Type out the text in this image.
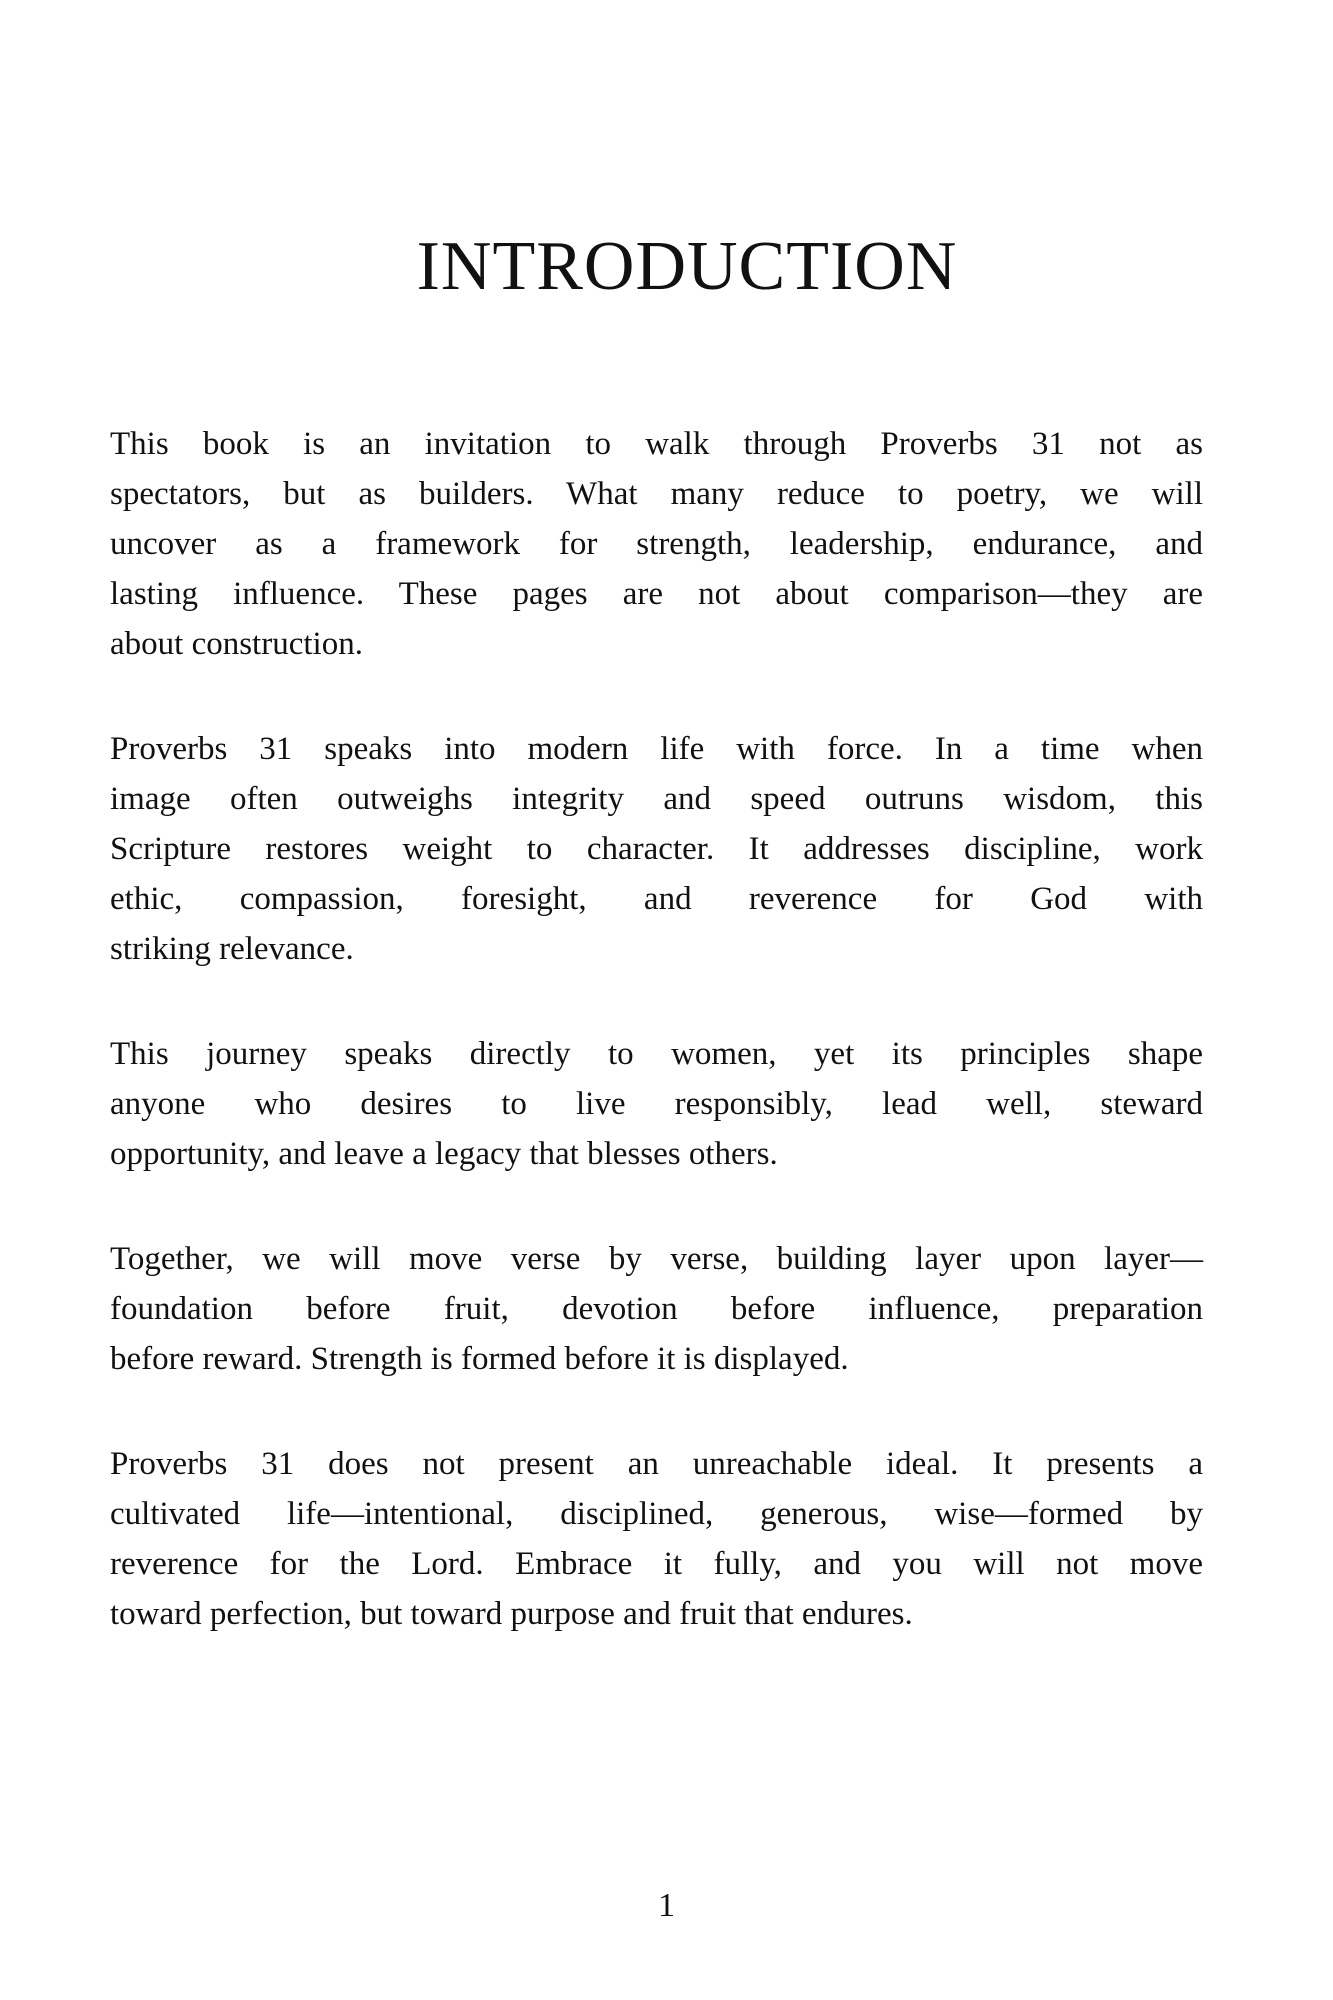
INTRODUCTION

This book is an invitation to walk through Proverbs 31 not as
spectators, but as builders. What many reduce to poetry, we will
uncover as a framework for strength, leadership, endurance, and
lasting influence. These pages are not about comparison—they are
about construction.

Proverbs 31 speaks into modern life with force. In a time when
image often outweighs integrity and speed outruns wisdom, this
Scripture restores weight to character. It addresses discipline, work
ethic, compassion, foresight, and reverence for God with
striking relevance.

This journey speaks directly to women, yet its principles shape
anyone who desires to live responsibly, lead well, steward
opportunity, and leave a legacy that blesses others.

Together, we will move verse by verse, building layer upon layer—
foundation before fruit, devotion before influence, preparation
before reward. Strength is formed before it is displayed.

Proverbs 31 does not present an unreachable ideal. It presents a
cultivated life—intentional, disciplined, generous, wise—formed by
reverence for the Lord. Embrace it fully, and you will not move
toward perfection, but toward purpose and fruit that endures.

1
